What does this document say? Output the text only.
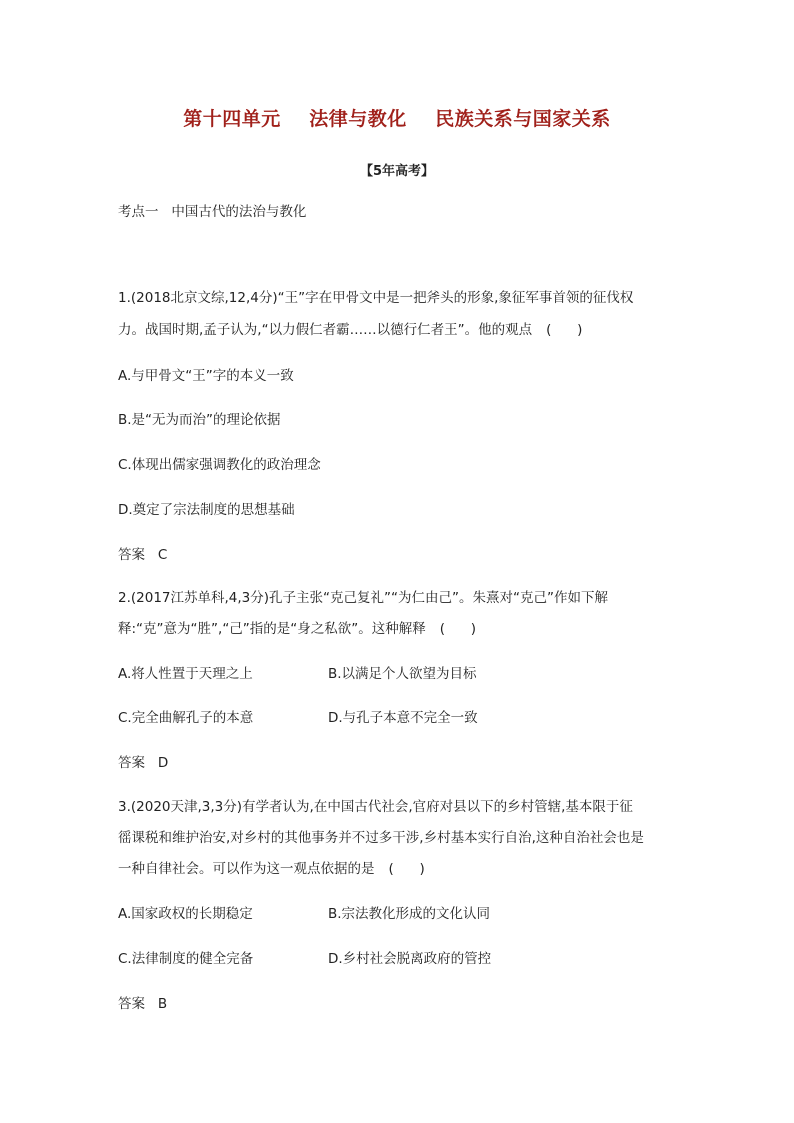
第十四单元    法律与教化    民族关系与国家关系
【5年高考】
考点一   中国古代的法治与教化
1.(2018北京文综,12,4分)“王”字在甲骨文中是一把斧头的形象,象征军事首领的征伐权
力。战国时期,孟子认为,“以力假仁者霸……以德行仁者王”。他的观点 (      )
A.与甲骨文“王”字的本义一致
B.是“无为而治”的理论依据
C.体现出儒家强调教化的政治理念
D.奠定了宗法制度的思想基础
答案   C
2.(2017江苏单科,4,3分)孔子主张“克己复礼”“为仁由己”。朱熹对“克己”作如下解
释:“克”意为“胜”,“己”指的是“身之私欲”。这种解释 (      )
A.将人性置于天理之上	B.以满足个人欲望为目标
C.完全曲解孔子的本意	D.与孔子本意不完全一致
答案   D
3.(2020天津,3,3分)有学者认为,在中国古代社会,官府对县以下的乡村管辖,基本限于征
徭课税和维护治安,对乡村的其他事务并不过多干涉,乡村基本实行自治,这种自治社会也是
一种自律社会。可以作为这一观点依据的是 (      )
A.国家政权的长期稳定	B.宗法教化形成的文化认同
C.法律制度的健全完备	D.乡村社会脱离政府的管控
答案   B
